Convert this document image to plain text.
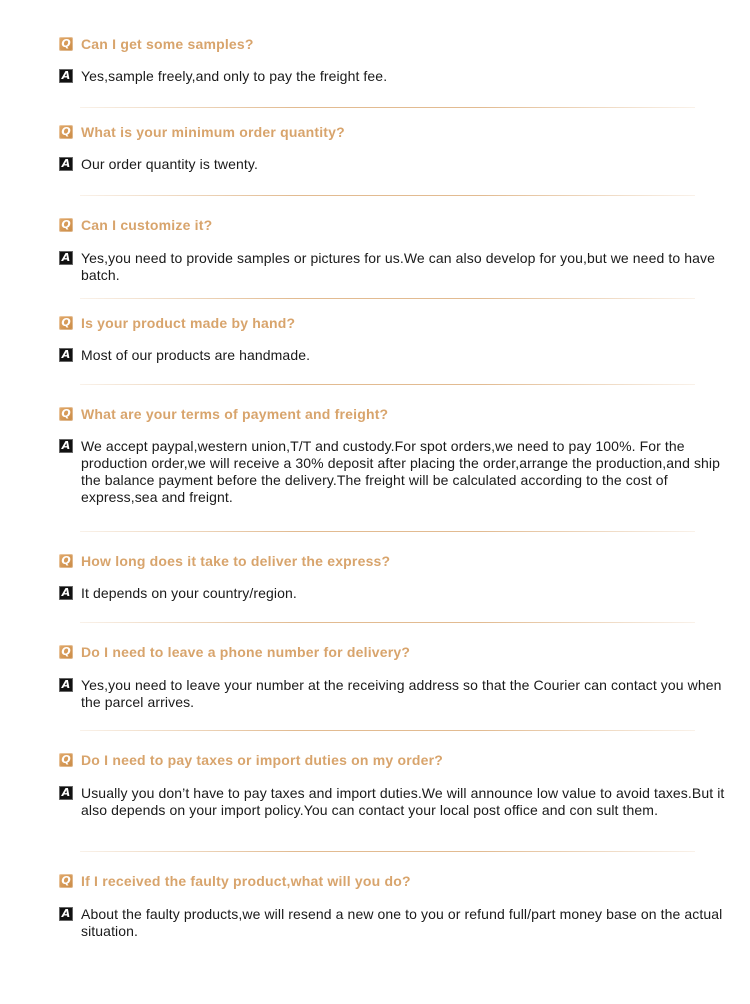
Q Can I get some samples?
A Yes,sample freely,and only to pay the freight fee.
Q What is your minimum order quantity?
A Our order quantity is twenty.
Q Can I customize it?
A Yes,you need to provide samples or pictures for us.We can also develop for you,but we need to have batch.
Q Is your product made by hand?
A Most of our products are handmade.
Q What are your terms of payment and freight?
A We accept paypal,western union,T/T and custody.For spot orders,we need to pay 100%. For the production order,we will receive a 30% deposit after placing the order,arrange the production,and ship the balance payment before the delivery.The freight will be calculated according to the cost of express,sea and freignt.
Q How long does it take to deliver the express?
A It depends on your country/region.
Q Do I need to leave a phone number for delivery?
A Yes,you need to leave your number at the receiving address so that the Courier can contact you when the parcel arrives.
Q Do I need to pay taxes or import duties on my order?
A Usually you don’t have to pay taxes and import duties.We will announce low value to avoid taxes.But it also depends on your import policy.You can contact your local post office and con sult them.
Q If I received the faulty product,what will you do?
A About the faulty products,we will resend a new one to you or refund full/part money base on the actual situation.
